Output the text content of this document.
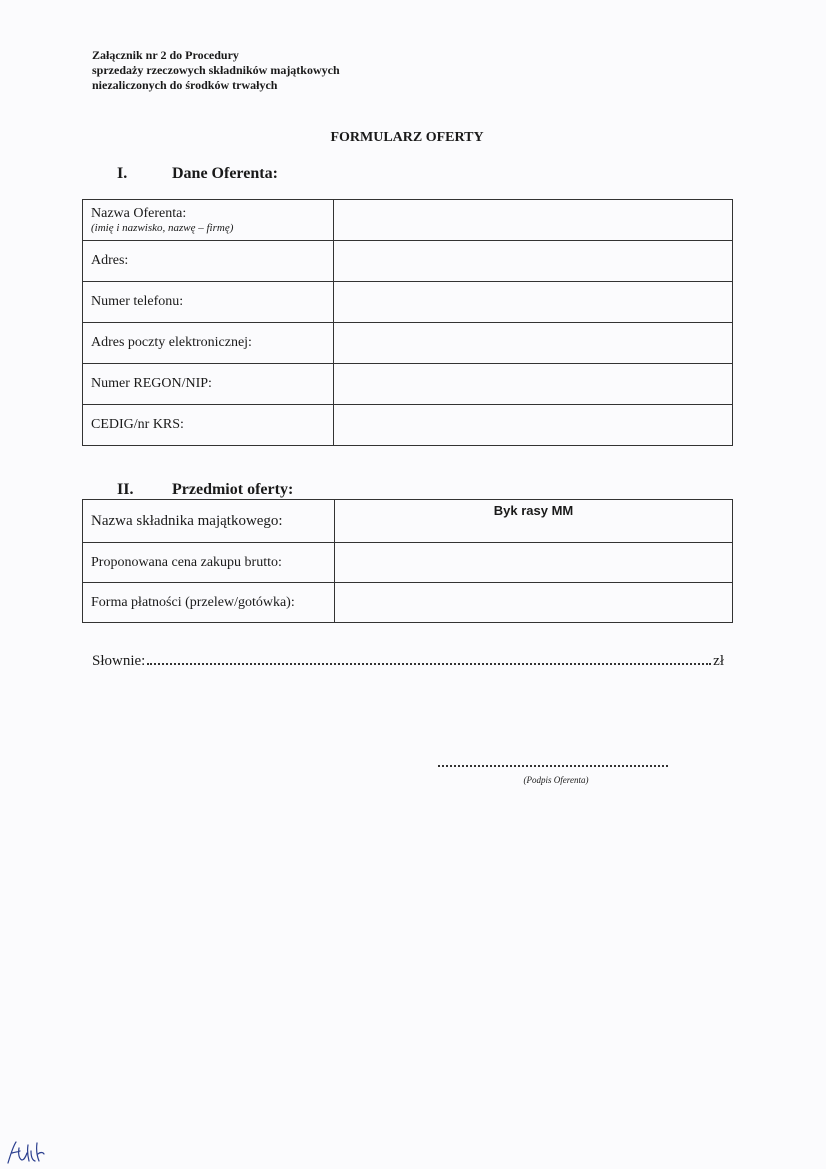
Załącznik nr 2 do Procedury
sprzedaży rzeczowych składników majątkowych
niezaliczonych do środków trwałych
FORMULARZ OFERTY
I.	Dane Oferenta:
Nazwa Oferenta:
(imię i nazwisko, nazwę – firmę)	

Adres:	
Numer telefonu:	
Adres poczty elektronicznej:	
Numer REGON/NIP:	
CEDIG/nr KRS:	
II. Przedmiot oferty:
Nazwa składnika majątkowego:	Byk rasy MM
Proponowana cena zakupu brutto:	
Forma płatności (przelew/gotówka):	
Słownie:	zł
(Podpis Oferenta)
